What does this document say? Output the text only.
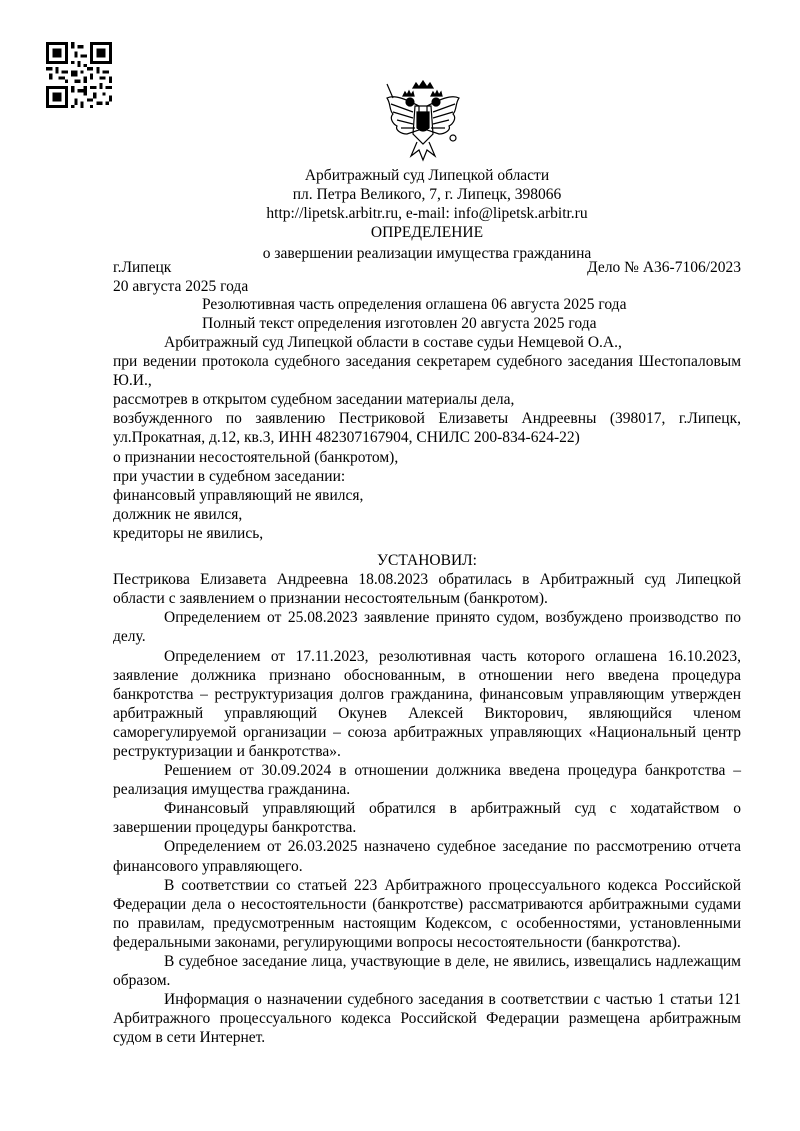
Арбитражный суд Липецкой области
пл. Петра Великого, 7, г. Липецк, 398066
http://lipetsk.arbitr.ru, e-mail: info@lipetsk.arbitr.ru
ОПРЕДЕЛЕНИЕ
о завершении реализации имущества гражданина
г.Липецк	Дело № А36-7106/2023
20 августа 2025 года
Резолютивная часть определения оглашена 06 августа 2025 года
Полный текст определения изготовлен 20 августа 2025 года

Арбитражный суд Липецкой области в составе судьи Немцевой О.А.,

при ведении протокола судебного заседания секретарем судебного заседания Шестопаловым Ю.И.,

рассмотрев в открытом судебном заседании материалы дела,

возбужденного по заявлению Пестриковой Елизаветы Андреевны (398017, г.Липецк, ул.Прокатная, д.12, кв.3, ИНН 482307167904, СНИЛС 200-834-624-22)

о признании несостоятельной (банкротом),

при участии в судебном заседании:

финансовый управляющий не явился,

должник не явился,

кредиторы не явились,

УСТАНОВИЛ:

Пестрикова Елизавета Андреевна 18.08.2023 обратилась в Арбитражный суд Липецкой области с заявлением о признании несостоятельным (банкротом).

Определением от 25.08.2023 заявление принято судом, возбуждено производство по делу.

Определением от 17.11.2023, резолютивная часть которого оглашена 16.10.2023, заявление должника признано обоснованным, в отношении него введена процедура банкротства – реструктуризация долгов гражданина, финансовым управляющим утвержден арбитражный управляющий Окунев Алексей Викторович, являющийся членом саморегулируемой организации – союза арбитражных управляющих «Национальный центр реструктуризации и банкротства».

Решением от 30.09.2024 в отношении должника введена процедура банкротства – реализация имущества гражданина.

Финансовый управляющий обратился в арбитражный суд с ходатайством о завершении процедуры банкротства.

Определением от 26.03.2025 назначено судебное заседание по рассмотрению отчета финансового управляющего.

В соответствии со статьей 223 Арбитражного процессуального кодекса Российской Федерации дела о несостоятельности (банкротстве) рассматриваются арбитражными судами по правилам, предусмотренным настоящим Кодексом, с особенностями, установленными федеральными законами, регулирующими вопросы несостоятельности (банкротства).

В судебное заседание лица, участвующие в деле, не явились, извещались надлежащим образом.

Информация о назначении судебного заседания в соответствии с частью 1 статьи 121 Арбитражного процессуального кодекса Российской Федерации размещена арбитражным судом в сети Интернет.
